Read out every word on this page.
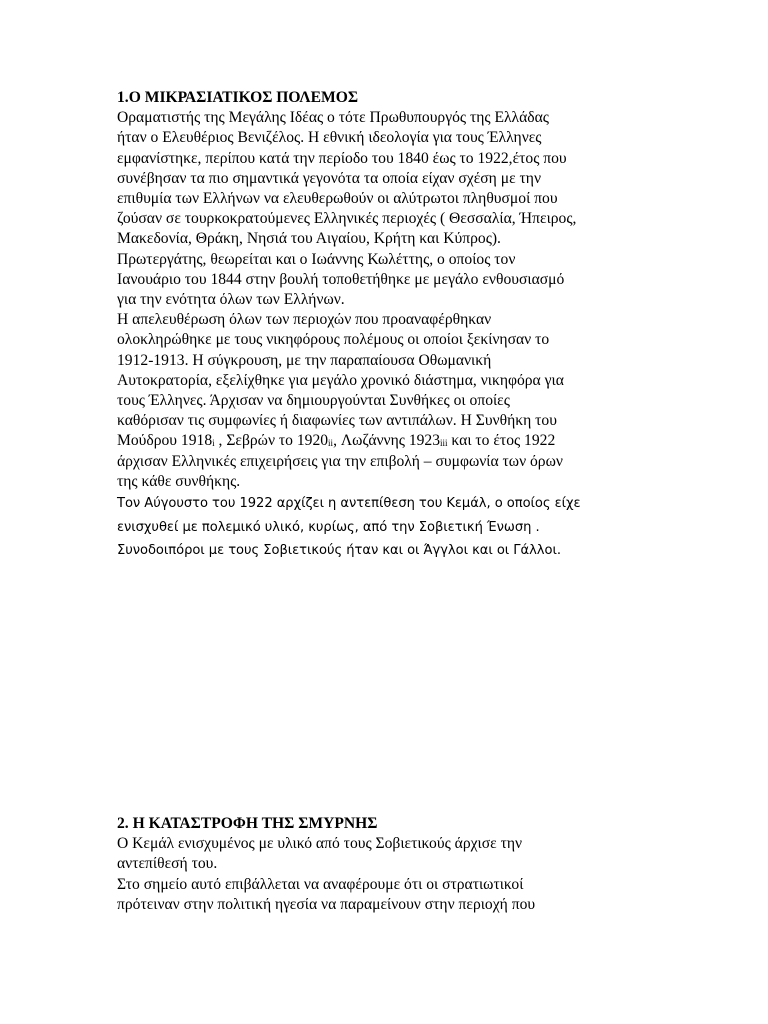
1.Ο ΜΙΚΡΑΣΙΑΤΙΚΟΣ ΠΟΛΕΜΟΣ

Οραματιστής της Μεγάλης Ιδέας ο τότε Πρωθυπουργός της Ελλάδας
ήταν ο Ελευθέριος Βενιζέλος. Η εθνική ιδεολογία για τους Έλληνες
εμφανίστηκε, περίπου κατά την περίοδο του 1840 έως το 1922,έτος που
συνέβησαν τα πιο σημαντικά γεγονότα τα οποία είχαν σχέση με την
επιθυμία των Ελλήνων να ελευθερωθούν οι αλύτρωτοι πληθυσμοί που
ζούσαν σε τουρκοκρατούμενες Ελληνικές περιοχές ( Θεσσαλία, Ήπειρος,
Μακεδονία, Θράκη, Νησιά του Αιγαίου, Κρήτη και Κύπρος).
Πρωτεργάτης, θεωρείται και ο Ιωάννης Κωλέττης, ο οποίος τον
Ιανουάριο του 1844 στην βουλή τοποθετήθηκε με μεγάλο ενθουσιασμό
για την ενότητα όλων των Ελλήνων.

Η απελευθέρωση όλων των περιοχών που προαναφέρθηκαν
ολοκληρώθηκε με τους νικηφόρους πολέμους οι οποίοι ξεκίνησαν το
1912-1913. Η σύγκρουση, με την παραπαίουσα Οθωμανική
Αυτοκρατορία, εξελίχθηκε για μεγάλο χρονικό διάστημα, νικηφόρα για
τους Έλληνες. Άρχισαν να δημιουργούνται Συνθήκες οι οποίες
καθόρισαν τις συμφωνίες ή διαφωνίες των αντιπάλων. Η Συνθήκη του
Μούδρου $1918_i$ , Σεβρών το $1920_{ii}$, Λωζάννης $1923_{iii}$ και το έτος 1922
άρχισαν Ελληνικές επιχειρήσεις για την επιβολή – συμφωνία των όρων
της κάθε συνθήκης.

Τον Αύγουστο του 1922 αρχίζει η αντεπίθεση του Κεμάλ, ο οποίος είχε
ενισχυθεί με πολεμικό υλικό, κυρίως, από την Σοβιετική Ένωση .
Συνοδοιπόροι με τους Σοβιετικούς ήταν και οι Άγγλοι και οι Γάλλοι.

2. Η ΚΑΤΑΣΤΡΟΦΗ ΤΗΣ ΣΜΥΡΝΗΣ

Ο Κεμάλ ενισχυμένος με υλικό από τους Σοβιετικούς άρχισε την
αντεπίθεσή του.

Στο σημείο αυτό επιβάλλεται να αναφέρουμε ότι οι στρατιωτικοί
πρότειναν στην πολιτική ηγεσία να παραμείνουν στην περιοχή που
